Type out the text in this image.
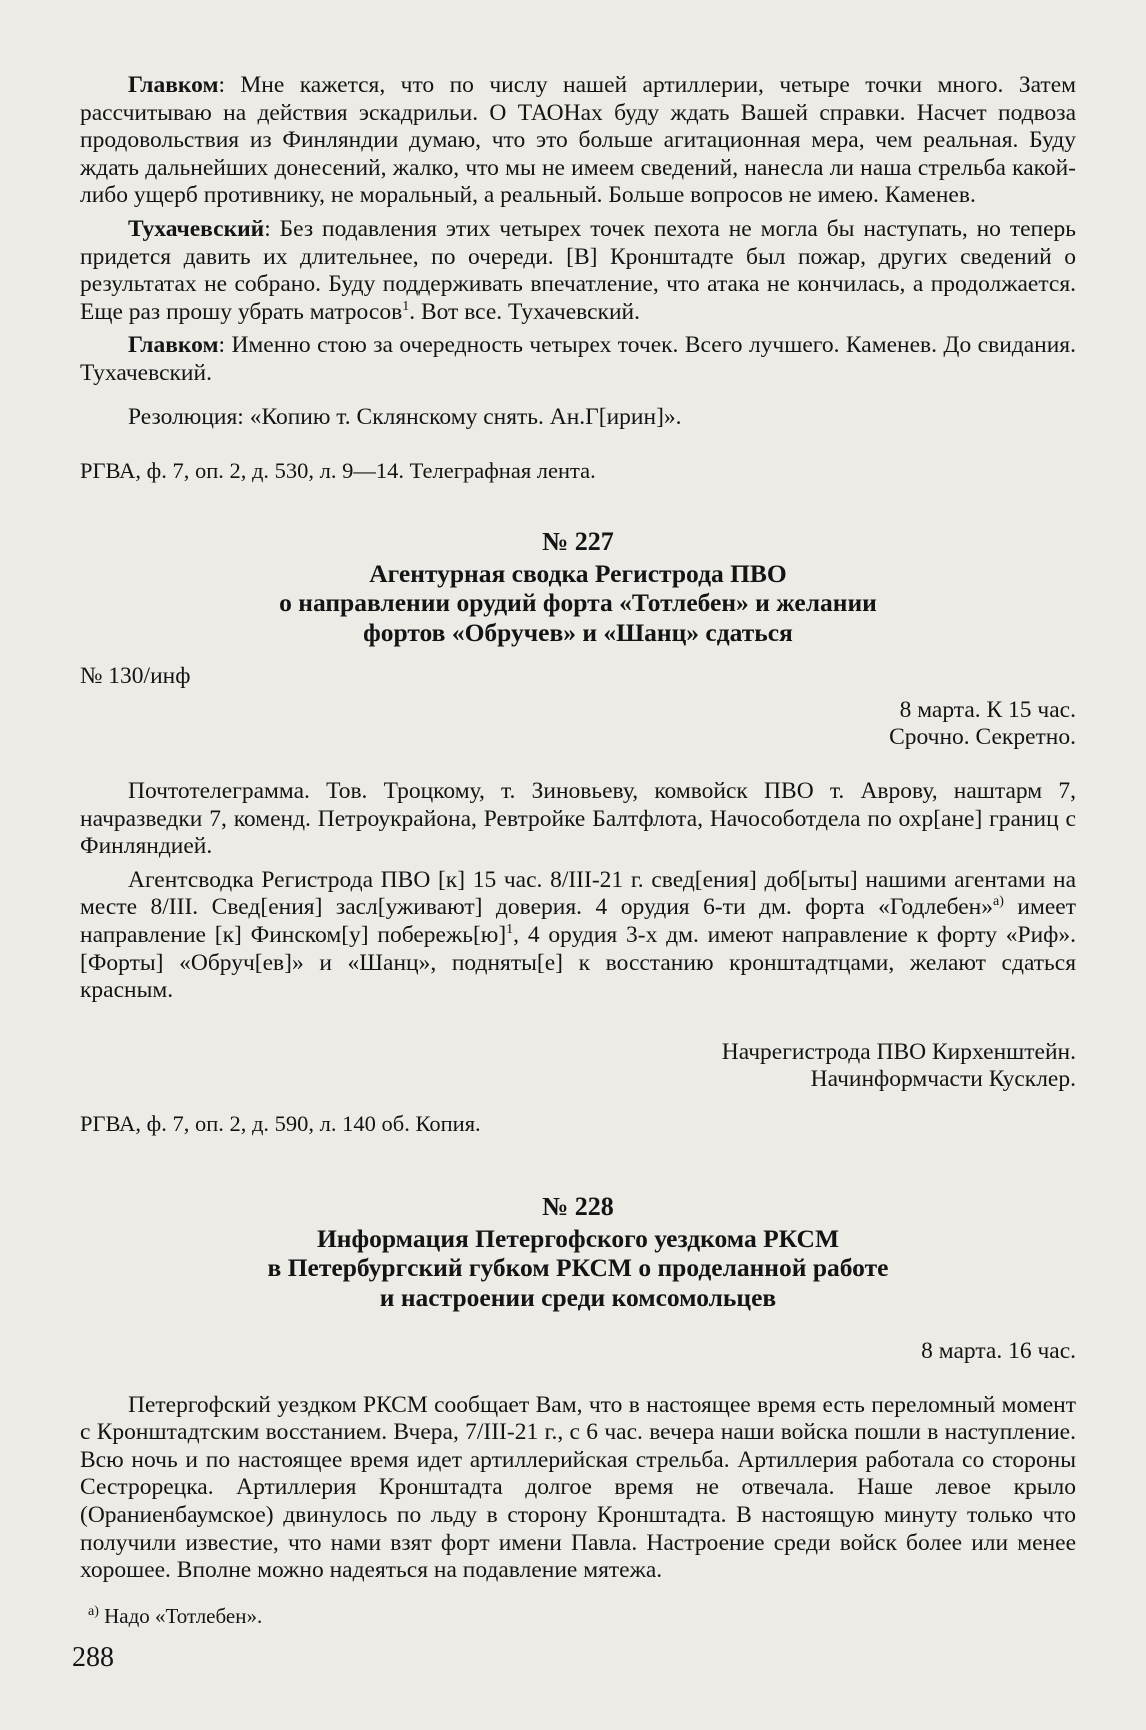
Главком: Мне кажется, что по числу нашей артиллерии, четыре точки много. Затем рассчитываю на действия эскадрильи. О ТАОНах буду ждать Вашей справки. Насчет подвоза продовольствия из Финляндии думаю, что это больше агитационная мера, чем реальная. Буду ждать дальнейших донесений, жалко, что мы не имеем сведений, нанесла ли наша стрельба какой-либо ущерб противнику, не моральный, а реальный. Больше вопросов не имею. Каменев.

Тухачевский: Без подавления этих четырех точек пехота не могла бы наступать, но теперь придется давить их длительнее, по очереди. [В] Кронштадте был пожар, других сведений о результатах не собрано. Буду поддерживать впечатление, что атака не кончилась, а продолжается. Еще раз прошу убрать матросов$^1$. Вот все. Тухачевский.

Главком: Именно стою за очередность четырех точек. Всего лучшего. Каменев. До свидания. Тухачевский.

Резолюция: «Копию т. Склянскому снять. Ан.Г[ирин]».

РГВА, ф. 7, оп. 2, д. 530, л. 9—14. Телеграфная лента.

№ 227
Агентурная сводка Регистрода ПВО
о направлении орудий форта «Тотлебен» и желании
фортов «Обручев» и «Шанц» сдаться

№ 130/инф

8 марта. К 15 час.

Срочно. Секретно.

Почтотелеграмма. Тов. Троцкому, т. Зиновьеву, комвойск ПВО т. Аврову, наштарм 7, начразведки 7, коменд. Петроукрайона, Ревтройке Балтфлота, Начособотдела по охр[ане] границ с Финляндией.

Агентсводка Регистрода ПВО [к] 15 час. 8/III-21 г. свед[ения] доб[ыты] нашими агентами на месте 8/III. Свед[ения] засл[уживают] доверия. 4 орудия 6-ти дм. форта «Годлебен»$^{а)}$ имеет направление [к] Финском[у] $побережь[ю]^1$, 4 орудия 3-х дм. имеют направление к форту «Риф». [Форты] «Обруч[ев]» и «Шанц», подняты[е] к восстанию кронштадтцами, желают сдаться красным.

Начрегистрода ПВО Кирхенштейн.

Начинформчасти Кусклер.

РГВА, ф. 7, оп. 2, д. 590, л. 140 об. Копия.

№ 228
Информация Петергофского уездкома РКСМ
в Петербургский губком РКСМ о проделанной работе
и настроении среди комсомольцев

8 марта. 16 час.

Петергофский уездком РКСМ сообщает Вам, что в настоящее время есть переломный момент с Кронштадтским восстанием. Вчера, 7/III-21 г., с 6 час. вечера наши войска пошли в наступление. Всю ночь и по настоящее время идет артиллерийская стрельба. Артиллерия работала со стороны Сестрорецка. Артиллерия Кронштадта долгое время не отвечала. Наше левое крыло (Ораниенбаумское) двинулось по льду в сторону Кронштадта. В настоящую минуту только что получили известие, что нами взят форт имени Павла. Настроение среди войск более или менее хорошее. Вполне можно надеяться на подавление мятежа.

$^{а)}$ Надо «Тотлебен».

288
